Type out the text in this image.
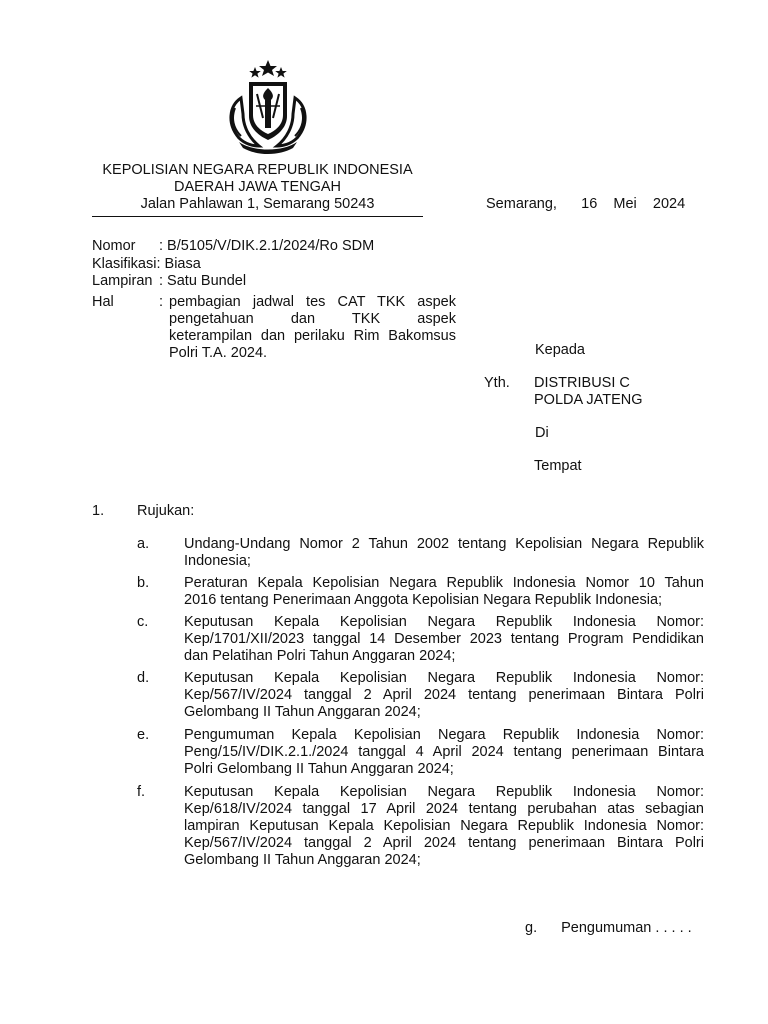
KEPOLISIAN NEGARA REPUBLIK INDONESIA
DAERAH JAWA TENGAH
Jalan Pahlawan 1, Semarang 50243	Semarang, 16 Mei 2024
Nomor : B/5105/V/DIK.2.1/2024/Ro SDM
Klasifikasi: Biasa
Lampiran : Satu Bundel
Hal	: pembagian jadwal tes CAT TKK aspek
pengetahuan dan TKK aspek
keterampilan dan perilaku Rim Bakomsus
Polri T.A. 2024.	Kepada
Yth. DISTRIBUSI C
POLDA JATENG
Di
Tempat
1. Rujukan:
a. Undang-Undang Nomor 2 Tahun 2002 tentang Kepolisian Negara Republik
Indonesia;
b. Peraturan Kepala Kepolisian Negara Republik Indonesia Nomor 10 Tahun
2016 tentang Penerimaan Anggota Kepolisian Negara Republik Indonesia;
c. Keputusan Kepala Kepolisian Negara Republik Indonesia Nomor:
Kep/1701/XII/2023 tanggal 14 Desember 2023 tentang Program Pendidikan
dan Pelatihan Polri Tahun Anggaran 2024;
d. Keputusan Kepala Kepolisian Negara Republik Indonesia Nomor:
Kep/567/IV/2024 tanggal 2 April 2024 tentang penerimaan Bintara Polri
Gelombang II Tahun Anggaran 2024;
e. Pengumuman Kepala Kepolisian Negara Republik Indonesia Nomor:
Peng/15/IV/DIK.2.1./2024 tanggal 4 April 2024 tentang penerimaan Bintara
Polri Gelombang II Tahun Anggaran 2024;
f.	Keputusan Kepala Kepolisian Negara Republik Indonesia Nomor:
Kep/618/IV/2024 tanggal 17 April 2024 tentang perubahan atas sebagian
lampiran Keputusan Kepala Kepolisian Negara Republik Indonesia Nomor:
Kep/567/IV/2024 tanggal 2 April 2024 tentang penerimaan Bintara Polri
Gelombang II Tahun Anggaran 2024;
g. Pengumuman . . . . .
